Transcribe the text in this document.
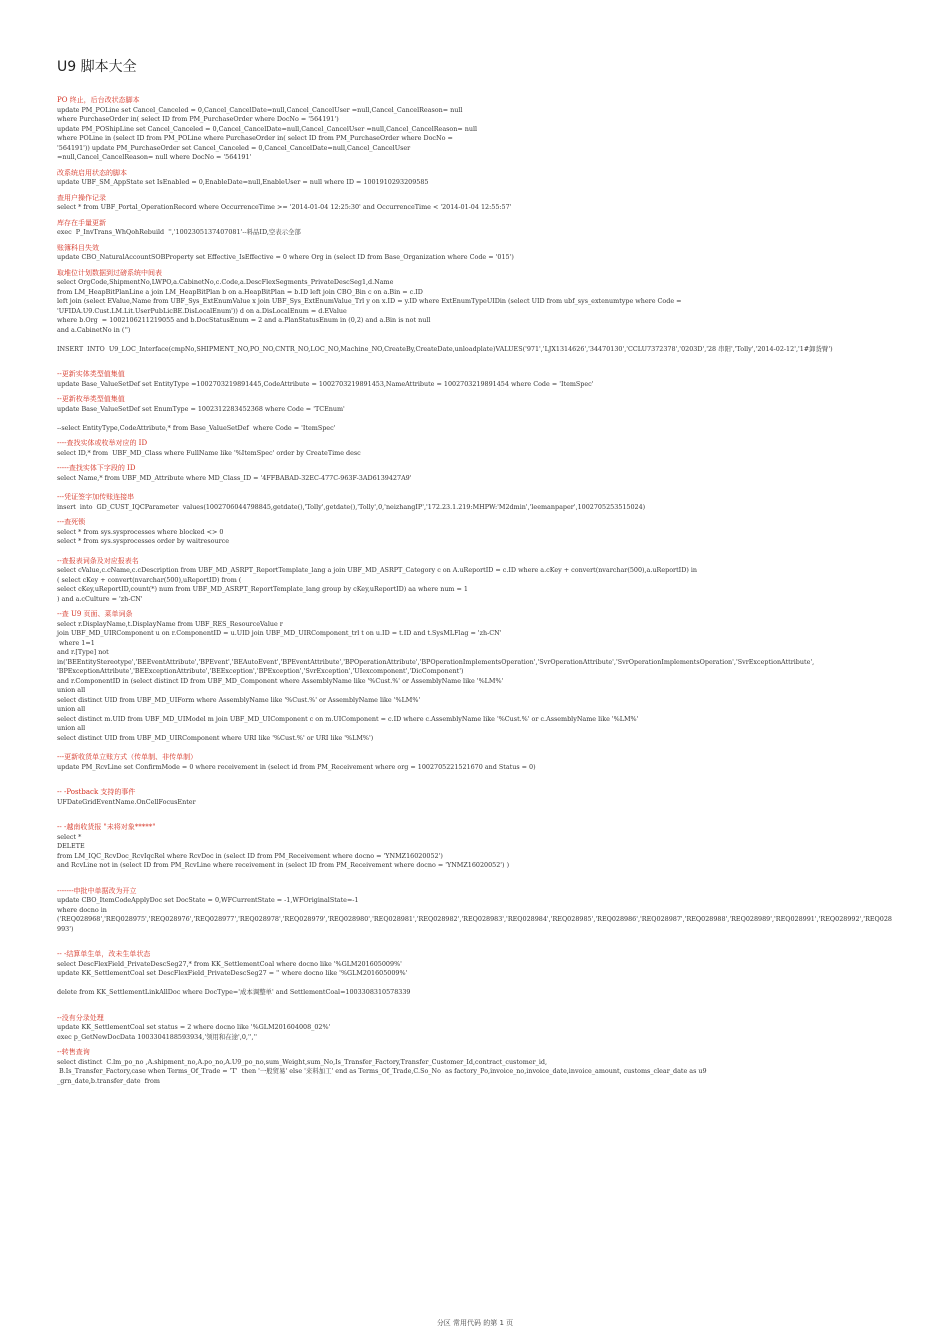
U9 脚本大全
PO 终止，后台改状态脚本
update PM_POLine set Cancel_Canceled = 0,Cancel_CancelDate=null,Cancel_CancelUser =null,Cancel_CancelReason= null
where PurchaseOrder in( select ID from PM_PurchaseOrder where DocNo = '564191')
update PM_POShipLine set Cancel_Canceled = 0,Cancel_CancelDate=null,Cancel_CancelUser =null,Cancel_CancelReason= null
where POLine in (select ID from PM_POLine where PurchaseOrder in( select ID from PM_PurchaseOrder where DocNo =
'564191')) update PM_PurchaseOrder set Cancel_Canceled = 0,Cancel_CancelDate=null,Cancel_CancelUser
=null,Cancel_CancelReason= null where DocNo = '564191'
改系统启用状态的脚本
update UBF_SM_AppState set IsEnabled = 0,EnableDate=null,EnableUser = null where ID = 1001910293209585
查用户操作记录
select * from UBF_Portal_OperationRecord where OccurrenceTime >= '2014-01-04 12:25:30' and OccurrenceTime < '2014-01-04 12:55:57'
库存在手量更新
exec  P_InvTrans_WhQohRebuild  '','1002305137407081'--料品ID,空表示全部
账簿科目失效
update CBO_NaturalAccountSOBProperty set Effective_IsEffective = 0 where Org in (select ID from Base_Organization where Code = '015')
取堆位计划数据到过磅系统中间表
select OrgCode,ShipmentNo,LWPO,a.CabinetNo,c.Code,a.DescFlexSegments_PrivateDescSeg1,d.Name
from LM_HeapBitPlanLine a join LM_HeapBitPlan b on a.HeapBitPlan = b.ID left join CBO_Bin c on a.Bin = c.ID
left join (select EValue,Name from UBF_Sys_ExtEnumValue x join UBF_Sys_ExtEnumValue_Trl y on x.ID = y.ID where ExtEnumTypeUIDin (select UID from ubf_sys_extenumtype where Code =
'UFIDA.U9.Cust.LM.Lit.UserPubLicBE.DisLocalEnum')) d on a.DisLocalEnum = d.EValue
where b.Org  = 1002106211219055 and b.DocStatusEnum = 2 and a.PlanStatusEnum in (0,2) and a.Bin is not null
and a.CabinetNo in ('')

INSERT  INTO  U9_LOC_Interface(cmpNo,SHIPMENT_NO,PO_NO,CNTR_NO,LOC_NO,Machine_NO,CreateBy,CreateDate,unloadplate)VALUES('971','LJX1314626','34470130','CCLU7372378','0203D','28 串阳','Tolly','2014-02-12','1#卸货臂')
--更新实体类型值集值
update Base_ValueSetDef set EntityType =1002703219891445,CodeAttribute = 1002703219891453,NameAttribute = 1002703219891454 where Code = 'ItemSpec'
--更新枚举类型值集值
update Base_ValueSetDef set EnumType = 1002312283452368 where Code = 'TCEnum'

--select EntityType,CodeAttribute,* from Base_ValueSetDef  where Code = 'ItemSpec'
----查找实体或枚举对应的 ID
select ID,* from  UBF_MD_Class where FullName like '%ItemSpec' order by CreateTime desc
-----查找实体下字段的 ID
select Name,* from UBF_MD_Attribute where MD_Class_ID = '4FFBABAD-32EC-477C-963F-3AD6139427A9'
---凭证签字加传账连接串
insert  into  GD_CUST_IQCParameter  values(1002706044798845,getdate(),'Tolly',getdate(),'Tolly',0,'neizhangIP','172.23.1.219:MHPW:'M2dmin','leemanpaper',1002705253515024)
---查死锁
select * from sys.sysprocesses where blocked <> 0
select * from sys.sysprocesses order by waitresource
--查报表词条及对应报表名
select cValue,c.cName,c.cDescription from UBF_MD_ASRPT_ReportTemplate_lang a join UBF_MD_ASRPT_Category c on A.uReportID = c.ID where a.cKey + convert(nvarchar(500),a.uReportID) in
( select cKey + convert(nvarchar(500),uReportID) from (
select cKey,uReportID,count(*) num from UBF_MD_ASRPT_ReportTemplate_lang group by cKey,uReportID) aa where num = 1
) and a.cCulture = 'zh-CN'
--查 U9 页面、菜单词条
select r.DisplayName,t.DisplayName from UBF_RES_ResourceValue r
join UBF_MD_UIRComponent u on r.ComponentID = u.UID join UBF_MD_UIRComponent_trl t on u.ID = t.ID and t.SysMLFlag = 'zh-CN'
where 1=1
and r.[Type] not
in('BEEntityStereotype','BEEventAttribute','BPEvent','BEAutoEvent','BPEventAttribute','BPOperationAttribute','BPOperationImplementsOperation','SvrOperationAttribute','SvrOperationImplementsOperation','SvrExceptionAttribute',
'BPExceptionAttribute','BEExceptionAttribute','BEException','BPException','SvrException','UIexcomponent','DicComponent')
and r.ComponentID in (select distinct ID from UBF_MD_Component where AssemblyName like '%Cust.%' or AssemblyName like '%LM%'
union all
select distinct UID from UBF_MD_UIForm where AssemblyName like '%Cust.%' or AssemblyName like '%LM%'
union all
select distinct m.UID from UBF_MD_UIModel m join UBF_MD_UIComponent c on m.UIComponent = c.ID where c.AssemblyName like '%Cust.%' or c.AssemblyName like '%LM%'
union all
select distinct UID from UBF_MD_UIRComponent where URI like '%Cust.%' or URI like '%LM%')
---更新收货单立账方式（传单制、非传单制）
update PM_RcvLine set ConfirmMode = 0 where receivement in (select id from PM_Receivement where org = 1002705221521670 and Status = 0)
-- -Postback 支持的事件
UFDateGridEventName.OnCellFocusEnter
-- -越南收货报 "未将对象*****"
select *
DELETE
from LM_IQC_RcvDoc_RcvIqcRel where RcvDoc in (select ID from PM_Receivement where docno = 'YNMZ16020052')
and RcvLine not in (select ID from PM_RcvLine where receivement in (select ID from PM_Receivement where docno = 'YNMZ16020052') )
-------申批中单据改为开立
update CBO_ItemCodeApplyDoc set DocState = 0,WFCurrentState = -1,WFOriginalState=-1
where docno in
('REQ028968','REQ028975','REQ028976','REQ028977','REQ028978','REQ028979','REQ028980','REQ028981','REQ028982','REQ028983','REQ028984','REQ028985','REQ028986','REQ028987','REQ028988','REQ028989','REQ028991','REQ028992','REQ028
993')
-- -结算单生单，改未生单状态
select DescFlexField_PrivateDescSeg27,* from KK_SettlementCoal where docno like '%GLM201605009%'
update KK_SettlementCoal set DescFlexField_PrivateDescSeg27 = '' where docno like '%GLM201605009%'

delete from KK_SettlementLinkAllDoc where DocType='成本调整单' and SettlementCoal=1003308310578339
--没有分录处理
update KK_SettlementCoal set status = 2 where docno like '%GLM201604008_02%'
exec p_GetNewDocData 1003304188593934,'领用和在途',0,'',''
--转售查询
select distinct  C.lm_po_no ,A.shipment_no,A.po_no,A.U9_po_no,sum_Weight,sum_No,Is_Transfer_Factory,Transfer_Customer_Id,contract_customer_id,
B.Is_Transfer_Factory,case when Terms_Of_Trade = 'T'  then '一般贸易' else '来料加工' end as Terms_Of_Trade,C.So_No  as factory_Po,invoice_no,invoice_date,invoice_amount, customs_clear_date as u9
_grn_date,b.transfer_date  from
分区 常用代码 的第 1 页
